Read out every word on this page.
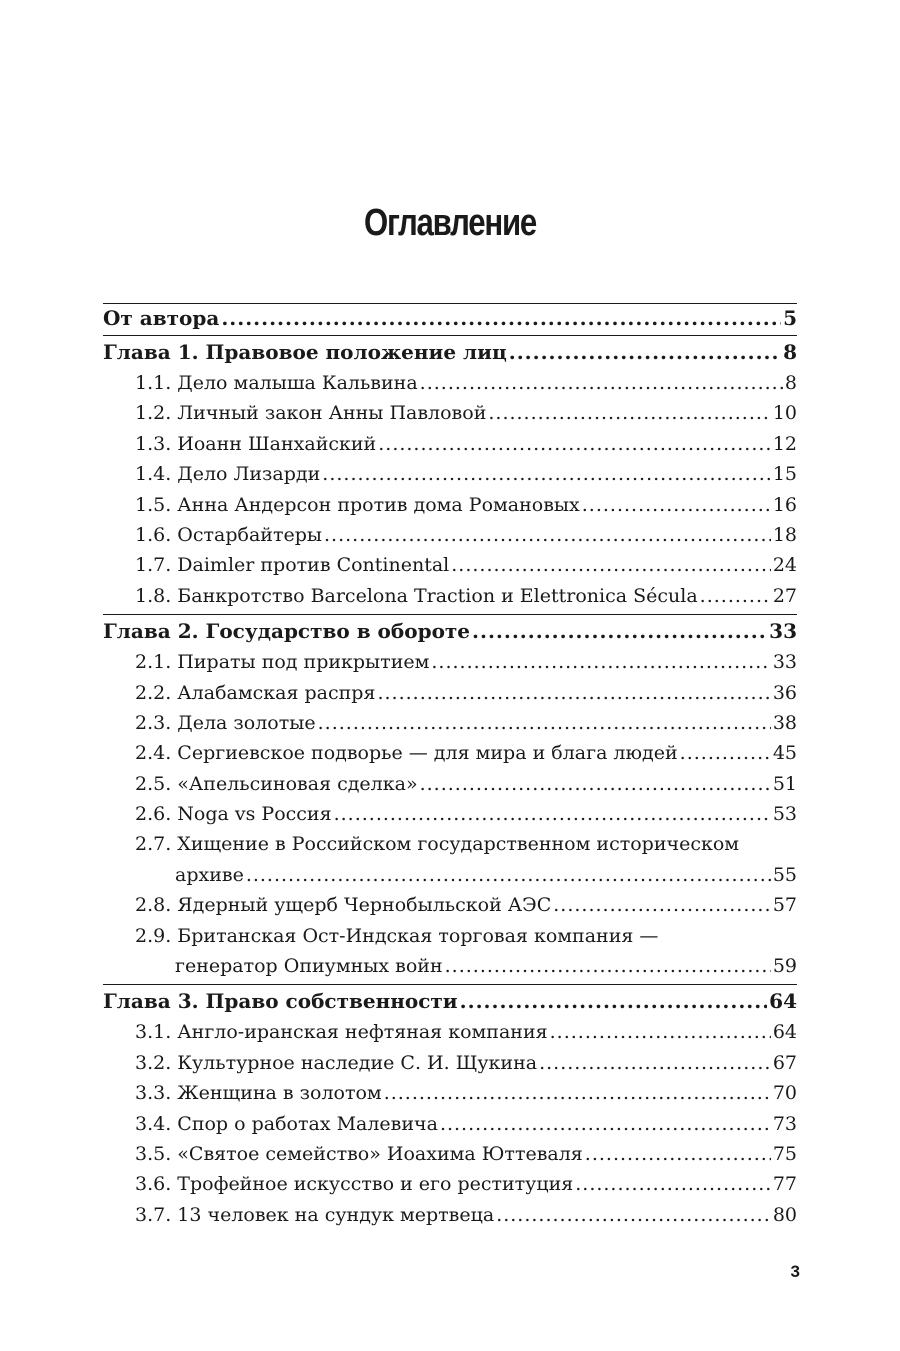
Оглавление
От автора .....	5
Глава 1. Правовое положение лиц .....	8
1.1. Дело малыша Кальвина .....	8
1.2. Личный закон Анны Павловой .....	10
1.3. Иоанн Шанхайский .....	12
1.4. Дело Лизарди .....	15
1.5. Анна Андерсон против дома Романовых .....	16
1.6. Остарбайтеры .....	18
1.7. Daimler против Continental .....	24
1.8. Банкротство Barcelona Traction и Elettronica Sécula .....	27
Глава 2. Государство в обороте .....	33
2.1. Пираты под прикрытием .....	33
2.2. Алабамская распря .....	36
2.3. Дела золотые .....	38
2.4. Сергиевское подворье — для мира и блага людей .....	45
2.5. «Апельсиновая сделка» .....	51
2.6. Noga vs Россия .....	53
2.7. Хищение в Российском государственном историческом
архиве .....	55
2.8. Ядерный ущерб Чернобыльской АЭС .....	57
2.9. Британская Ост-Индская торговая компания —
генератор Опиумных войн .....	59
Глава 3. Право собственности .....	64
3.1. Англо-иранская нефтяная компания .....	64
3.2. Культурное наследие С. И. Щукина .....	67
3.3. Женщина в золотом .....	70
3.4. Спор о работах Малевича .....	73
3.5. «Святое семейство» Иоахима Юттеваля .....	75
3.6. Трофейное искусство и его реституция .....	77
3.7. 13 человек на сундук мертвеца .....	80
3
